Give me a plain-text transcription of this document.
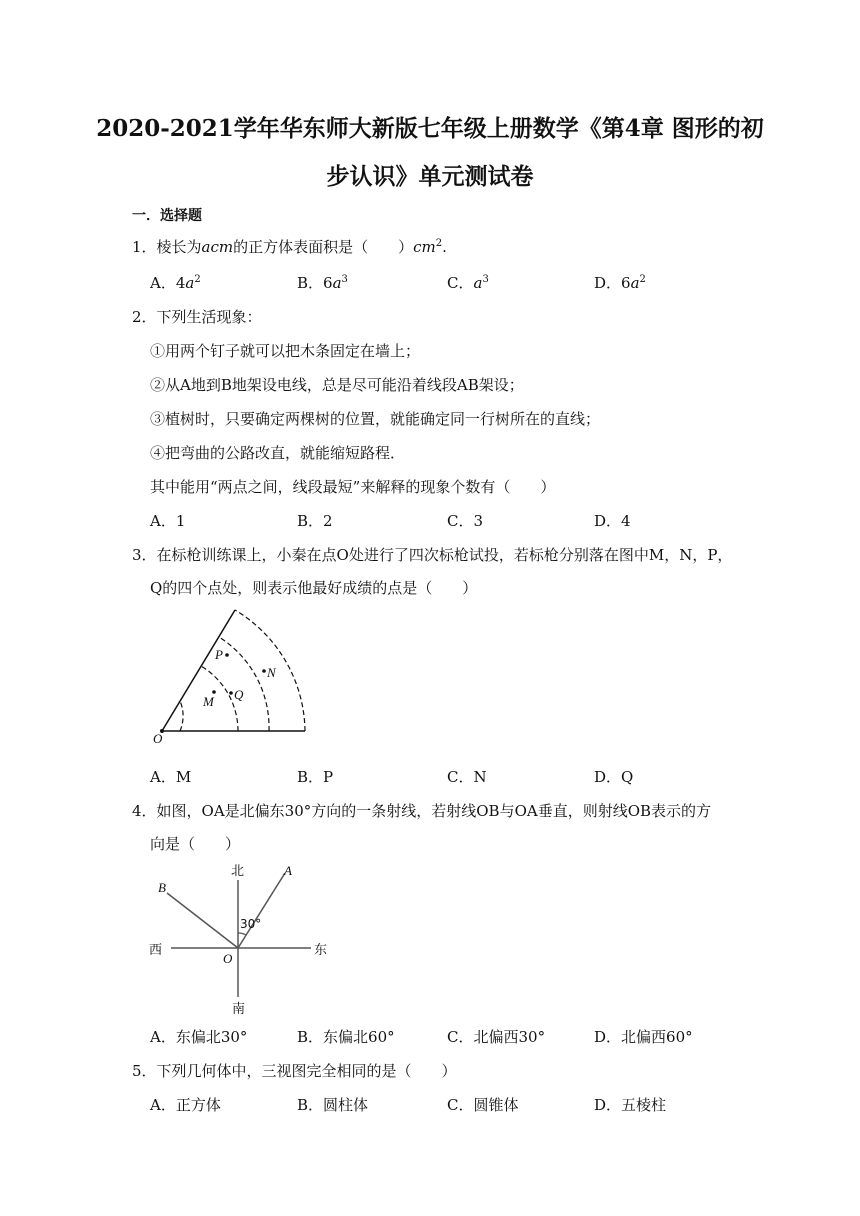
2020-2021学年华东师大新版七年级上册数学《第4章 图形的初
步认识》单元测试卷
一．选择题
1．棱长为acm的正方体表面积是（　　）$cm^2$.
A．$4a^2$	B．$6a^3$	C．$a^3$	D．$6a^2$
2．下列生活现象：
①用两个钉子就可以把木条固定在墙上；
②从A地到B地架设电线，总是尽可能沿着线段AB架设；
③植树时，只要确定两棵树的位置，就能确定同一行树所在的直线；
④把弯曲的公路改直，就能缩短路程．
其中能用“两点之间，线段最短”来解释的现象个数有（　　）
A．1	B．2	C．3	D．4
3．在标枪训练课上，小秦在点O处进行了四次标枪试投，若标枪分别落在图中M，N，P，
Q的四个点处，则表示他最好成绩的点是（　　）
P
N
M Q
O
A．M	B．P	C．N	D．Q
4．如图，OA是北偏东30°方向的一条射线，若射线OB与OA垂直，则射线OB表示的方
向是（　　）
北
南
东
西
A
B
O
30°
A．东偏北30°	B．东偏北60°	C．北偏西30°	D．北偏西60°
5．下列几何体中，三视图完全相同的是（　　）
A．正方体	B．圆柱体	C．圆锥体	D．五棱柱
